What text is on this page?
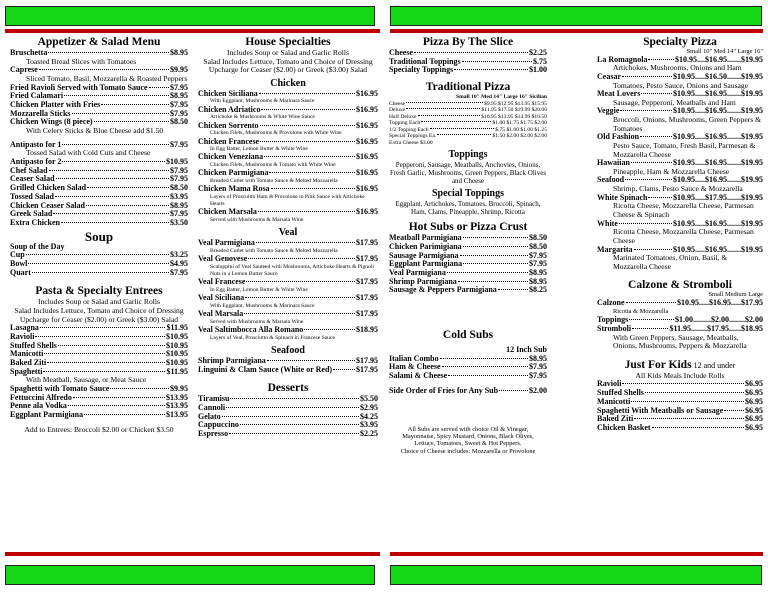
Appetizer & Salad Menu
Bruschetta	$8.95
Toasted Bread Slices with Tomatoes
Caprese	$9.95
Sliced Tomato, Basil, Mozzarella & Roasted Peppers
Fried Ravioli Served with Tomato Sauce	$7.95
Fried Calamari	$8.95
Chicken Platter with Fries	$7.95
Mozzarella Sticks	$7.95
Chicken Wings (8 piece)	$8.50
With Celery Sticks & Blue Cheese add $1.50
Antipasto for 1	$7.95
Tossed Salad with Cold Cuts and Cheese
Antipasto for 2	$10.95
Chef Salad	$7.95
Ceaser Salad	$7.95
Grilled Chicken Salad	$8.50
Tossed Salad	$3.95
Chicken Ceaser Salad	$8.95
Greek Salad	$7.95
Extra Chicken	$3.50
Soup
Soup of the Day
Cup	$3.25
Bowl	$4.95
Quart	$7.95
Pasta & Specialty Entrees
Includes Soup or Salad and Garlic Rolls
Salad Includes Lettuce, Tomato and Choice of Dressing
Upcharge for Ceaser ($2.00) or Greek ($3.00) Salad
Lasagna	$11.95
Ravioli	$10.95
Stuffed Shells	$10.95
Manicotti	$10.95
Baked Ziti	$10.95
Spaghetti	$11.95
With Meatball, Sausage, or Meat Sauce
Spaghetti with Tomato Sauce	$9.95
Fettuccini Alfredo	$13.95
Penne ala Vodka	$13.95
Eggplant Parmigiana	$13.95
Add to Entrees: Broccoli $2.00 or Chicken $3.50
House Specialties
Includes Soup or Salad and Garlic Rolls
Salad Includes Lettuce, Tomato and Choice of Dressing
Upcharge for Ceaser ($2.00) or Greek ($3.00) Salad
Chicken
Chicken Siciliana	$16.95
With Eggplant, Mushrooms & Marinara Sauce
Chicken Adriatico	$16.95
Artichoke & Mushrooms & White Wine Sauce
Chicken Sorrento	$16.95
Chicken Filets, Mushrooms & Provolone with White Wine
Chicken Francese	$16.95
In Egg Batter, Lemon Butter & White Wine
Chicken Veneziana	$16.95
Chicken Filets, Mushrooms & Tomato with White Wine
Chicken Parmigiana	$16.95
Breaded Cutlet with Tomato Sauce & Melted Mozzarella
Chicken Mama Rosa	$16.95
Layers of Proscuitto Ham & Provolone in Pink Sauce with Artichoke Hearts
Chicken Marsala	$16.95
Served with Mushrooms & Marsala Wine
Veal
Veal Parmigiana	$17.95
Breaded Cutlet with Tomato Sauce & Melted Mozzarella
Veal Genovese	$17.95
Scaloppini of Veal Sauteed with Mushrooms, Artichoke Hearts & Pignoli Nuts in a Lemon Butter Sauce
Veal Francese	$17.95
In Egg Batter, Lemon Butter & White Wine
Veal Siciliana	$17.95
With Eggplant, Mushrooms & Marinara Sauce
Veal Marsala	$17.95
Served with Mushrooms & Marsala Wine
Veal Saltimbocca Alla Romano	$18.95
Layers of Veal, Prosciutto & Spinach in Francese Sauce
Seafood
Shrimp Parmigiana	$17.95
Linguini & Clam Sauce (White or Red)	$17.95
Desserts
Tiramisu	$5.50
Cannoli	$2.95
Gelato	$4.25
Cappuccino	$3.95
Espresso	$2.25
Pizza By The Slice
Cheese	$2.25
Traditional Toppings	$.75
Specialty Toppings	$1.00
Traditional Pizza
Small 10" Med 14" Large 16" Sicilian
Cheese	$9.95 $12.95 $13.95 $15.95
Deluxe	$11.95 $17.50 $19.99 $20.00
Half Deluxe	$10.95 $13.95 $14.99 $16.50
Topping Each	$1.00 $1.75 $1.75 $2.00
1/2 Topping Each	$.75 $1.00 $1.00 $1.25
Special Toppings Ea.	$1.50 $2.00 $2.00 $2.00
Extra Cheese $3.00
Toppings
Pepperoni, Sausage, Meatballs, Anchovies, Onions, Fresh Garlic, Mushrooms, Green Peppers, Black Olives and Cheese
Special Toppings
Eggplant, Artichokes, Tomatoes, Broccoli, Spinach, Ham, Clams, Pineapple, Shrimp, Ricotta
Hot Subs or Pizza Crust
Meatball Parmigiana	$8.50
Chicken Parimigiana	$8.50
Sausage Parmigiana	$7.95
Eggplant Parmigiana	$7.95
Veal Parmigiana	$8.95
Shrimp Parmigiana	$8.95
Sausage & Peppers Parmigiana	$8.25
Cold Subs
12 Inch Sub
Italian Combo	$8.95
Ham & Cheese	$7.95
Salami & Cheese	$7.95
Side Order of Fries for Any Sub	$2.00
All Subs are served with choice Oil & Vinegar,
Mayonnaise, Spicy Mustard, Onions, Black Olives,
Lettuce, Tomatoes, Sweet & Hot Peppers.
Choice of Cheese includes: Mozzarella or Provolone
Specialty Pizza
Small 10" Med 14" Large 16"
La Romagnola	$10.95....$16.95.......$19.95
Artichokes, Mushrooms, Onions and Ham
Ceasar	$10.95.....$16.50.......$19.95
Tomatoes, Pesto Sauce, Onions and Sausage
Meat Lovers	$10.95.....$16.95.......$19.95
Sausage, Pepperoni, Meatballs and Ham
Veggie	$10.95.....$16.95.......$19.95
Broccoli, Onions, Mushrooms, Green Peppers & Tomatoes
Old Fashion	$10.95.....$16.95.......$19.95
Pesto Sauce, Tomato, Fresh Basil, Parmesan & Mozzarella Cheese
Hawaiian	$10.95.....$16.95.......$19.95
Pineapple, Ham & Mozzarella Cheese
Seafood	$10.95.....$16.95.......$19.95
Shrimp, Clams, Pesto Sauce & Mozzarella
White Spinach	$10.95.....$17.95.......$19.95
Ricotta Cheese, Mozzarella Cheese, Parmesan Cheese & Spinach
White	$10.95.....$16.95.......$19.95
Ricotta Cheese, Mozzarella Cheese, Parmesan Cheese
Margarita	$10.95.....$16.95.......$19.95
Marinated Tomatoes, Onion, Basil, & Mozzarella Cheese
Calzone & Stromboli
Small Medium Large
Calzone	$10.95.....$16.95.....$17.95
Ricotta & Mozzarella
Toppings	$1.00.........$2.00........$2.00
Stromboli	$11.95........$17.95......$18.95
With Green Peppers, Sausage, Meatballs, Onions, Mushrooms, Peppers & Mozzarella
Just For Kids 12 and under
All Kids Meals Include Rolls
Ravioli	$6.95
Stuffed Shells	$6.95
Manicotti	$6.95
Spaghetti With Meatballs or Sausage	$6.95
Baked Ziti	$6.95
Chicken Basket	$6.95
